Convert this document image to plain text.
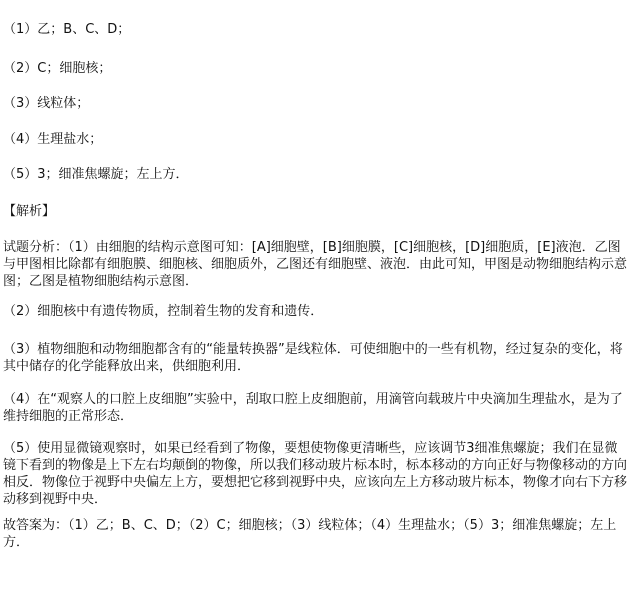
（1）乙；B、C、D；
（2）C；细胞核；
（3）线粒体；
（4）生理盐水；
（5）3；细准焦螺旋；左上方．
【解析】
试题分析：（1）由细胞的结构示意图可知：[A]细胞壁，[B]细胞膜，[C]细胞核，[D]细胞质，[E]液泡．乙图与甲图相比除都有细胞膜、细胞核、细胞质外，乙图还有细胞壁、液泡．由此可知，甲图是动物细胞结构示意图；乙图是植物细胞结构示意图．
（2）细胞核中有遗传物质，控制着生物的发育和遗传．
（3）植物细胞和动物细胞都含有的“能量转换器”是线粒体．可使细胞中的一些有机物，经过复杂的变化，将其中储存的化学能释放出来，供细胞利用．
（4）在“观察人的口腔上皮细胞”实验中，刮取口腔上皮细胞前，用滴管向载玻片中央滴加生理盐水，是为了维持细胞的正常形态．
（5）使用显微镜观察时，如果已经看到了物像，要想使物像更清晰些，应该调节3细准焦螺旋；我们在显微镜下看到的物像是上下左右均颠倒的物像，所以我们移动玻片标本时，标本移动的方向正好与物像移动的方向相反．物像位于视野中央偏左上方，要想把它移到视野中央，应该向左上方移动玻片标本，物像才向右下方移动移到视野中央．
故答案为：（1）乙；B、C、D；（2）C；细胞核；（3）线粒体；（4）生理盐水；（5）3；细准焦螺旋；左上方．
